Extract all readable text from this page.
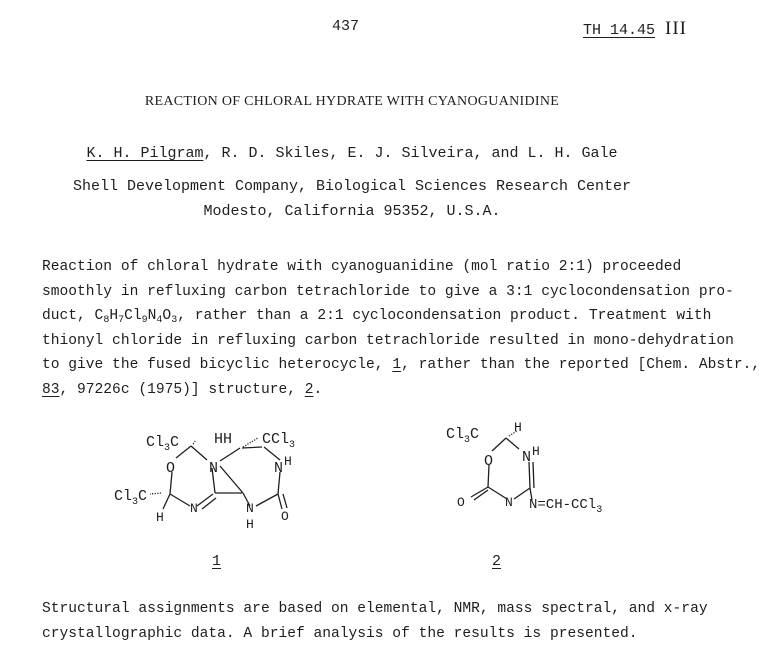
437	TH 14.45 III
REACTION OF CHLORAL HYDRATE WITH CYANOGUANIDINE
K. H. Pilgram, R. D. Skiles, E. J. Silveira, and L. H. Gale
Shell Development Company, Biological Sciences Research Center
Modesto, California 95352, U.S.A.

Reaction of chloral hydrate with cyanoguanidine (mol ratio 2:1) proceeded

smoothly in refluxing carbon tetrachloride to give a 3:1 cyclocondensation pro-

duct, $C_8H_7Cl_9N_4O_3$, rather than a 2:1 cyclocondensation product. Treatment with

thionyl chloride in refluxing carbon tetrachloride resulted in mono-dehydration

to give the fused bicyclic heterocycle, 1, rather than the reported [Chem. Abstr.,

83, 97226c (1975)] structure, 2.

$Cl_3C$ HH CCl$_3$
O N	N H
$Cl_3C$
H
N	N
H
O
$Cl_3C$	H
O N H
O	N N=CH-CCl$_3$
1	2

Structural assignments are based on elemental, NMR, mass spectral, and x-ray

crystallographic data. A brief analysis of the results is presented.
